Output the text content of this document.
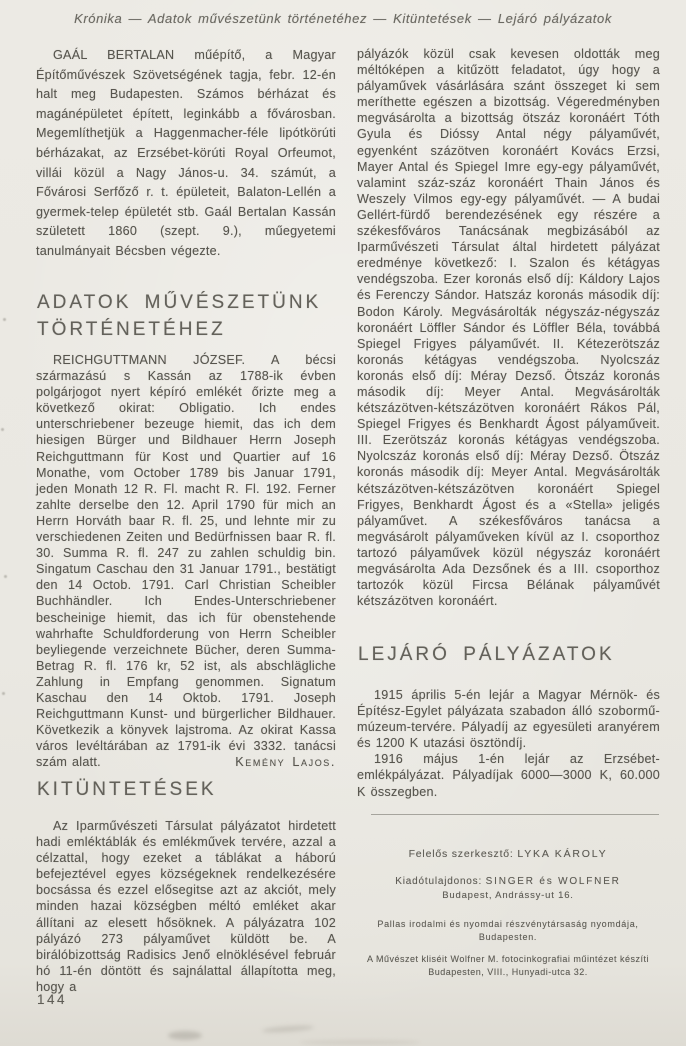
Krónika — Adatok művészetünk történetéhez — Kitüntetések — Lejáró pályázatok

GAÁL BERTALAN műépítő, a Magyar Építőművészek Szövetségének tagja, febr. 12-én halt meg Budapesten. Számos bérházat és magánépületet épített, leginkább a fővárosban. Megemlíthetjük a Haggenmacher-féle lipótkörúti bérházakat, az Erzsébet-körúti Royal Orfeumot, villái közül a Nagy János-u. 34. számút, a Fővárosi Serfőző r. t. épületeit, Balaton-Lellén a gyermek-telep épületét stb. Gaál Bertalan Kassán született 1860 (szept. 9.), műegyetemi tanulmányait Bécsben végezte.

ADATOK MŰVÉSZETÜNK TÖRTÉNETÉHEZ

REICHGUTTMANN JÓZSEF. A bécsi származású s Kassán az 1788-ik évben polgárjogot nyert képíró emlékét őrizte meg a következő okirat: Obligatio. Ich endes unterschriebener bezeuge hiemit, das ich dem hiesigen Bürger und Bildhauer Herrn Joseph Reichguttmann für Kost und Quartier auf 16 Monathe, vom October 1789 bis Januar 1791, jeden Monath 12 R. Fl. macht R. Fl. 192. Ferner zahlte derselbe den 12. April 1790 für mich an Herrn Horváth baar R. fl. 25, und lehnte mir zu verschiedenen Zeiten und Bedürfnissen baar R. fl. 30. Summa R. fl. 247 zu zahlen schuldig bin. Singatum Caschau den 31 Januar 1791., bestätigt den 14 Octob. 1791. Carl Christian Scheibler Buchhändler. Ich Endes-Unterschriebener bescheinige hiemit, das ich für obenstehende wahrhafte Schuldforderung von Herrn Scheibler beyliegende verzeichnete Bücher, deren Summa-Betrag R. fl. 176 kr, 52 ist, als abschlägliche Zahlung in Empfang genommen. Signatum Kaschau den 14 Oktob. 1791. Joseph Reichguttmann Kunst- und bürgerlicher Bildhauer. Következik a könyvek lajstroma. Az okirat Kassa város levéltárában az 1791-ik évi 3332. tanácsi szám alatt.	Kemény Lajos.

KITÜNTETÉSEK

Az Iparművészeti Társulat pályázatot hirdetett hadi emléktáblák és emlékművek tervére, azzal a célzattal, hogy ezeket a táblákat a háború befejeztével egyes községeknek rendelkezésére bocsássa és ezzel elősegitse azt az akciót, mely minden hazai községben méltó emléket akar állítani az elesett hősöknek. A pályázatra 102 pályázó 273 pályaművet küldött be. A birálóbizottság Radisics Jenő elnöklésével február hó 11-én döntött és sajnálattal állapította meg, hogy a

144

pályázók közül csak kevesen oldották meg méltóképen a kitűzött feladatot, úgy hogy a pályaművek vásárlására szánt összeget ki sem meríthette egészen a bizottság. Végeredményben megvásárolta a bizottság ötszáz koronáért Tóth Gyula és Dióssy Antal négy pályaművét, egyenként százötven koronáért Kovács Erzsi, Mayer Antal és Spiegel Imre egy-egy pályaművét, valamint száz-száz koronáért Thain János és Weszely Vilmos egy-egy pályaművét. — A budai Gellért-fürdő berendezésének egy részére a székesfőváros Tanácsának megbizásából az Iparművészeti Társulat által hirdetett pályázat eredménye következő: I. Szalon és kétágyas vendégszoba. Ezer koronás első díj: Káldory Lajos és Ferenczy Sándor. Hatszáz koronás második díj: Bodon Károly. Megvásárolták négyszáz-négyszáz koronáért Löffler Sándor és Löffler Béla, továbbá Spiegel Frigyes pályaművét. II. Kétezerötszáz koronás kétágyas vendégszoba. Nyolcszáz koronás első díj: Méray Dezső. Ötszáz koronás második díj: Meyer Antal. Megvásárolták kétszázötven-kétszázötven koronáért Rákos Pál, Spiegel Frigyes és Benkhardt Ágost pályaműveit. III. Ezerötszáz koronás kétágyas vendégszoba. Nyolcszáz koronás első díj: Méray Dezső. Ötszáz koronás második díj: Meyer Antal. Megvásárolták kétszázötven-kétszázötven koronáért Spiegel Frigyes, Benkhardt Ágost és a «Stella» jeligés pályaművet. A székesfőváros tanácsa a megvásárolt pályaműveken kívül az I. csoporthoz tartozó pályaművek közül négyszáz koronáért megvásárolta Ada Dezsőnek és a III. csoporthoz tartozók közül Fircsa Bélának pályaművét kétszázötven koronáért.

LEJÁRÓ PÁLYÁZATOK

1915 április 5-én lejár a Magyar Mérnök- és Építész-Egylet pályázata szabadon álló szobormű-múzeum-tervére. Pályadíj az egyesületi aranyérem és 1200 K utazási ösztöndíj.

1916 május 1-én lejár az Erzsébet-emlékpályázat. Pályadíjak 6000—3000 K, 60.000 K összegben.

Felelős szerkesztő: LYKA KÁROLY
Kiadótulajdonos: SINGER és WOLFNER
Budapest, Andrássy-ut 16.
Pallas irodalmi és nyomdai részvénytársaság nyomdája, Budapesten.
A Művészet kliséit Wolfner M. fotocinkografiai műintézet készíti Budapesten, VIII., Hunyadi-utca 32.
